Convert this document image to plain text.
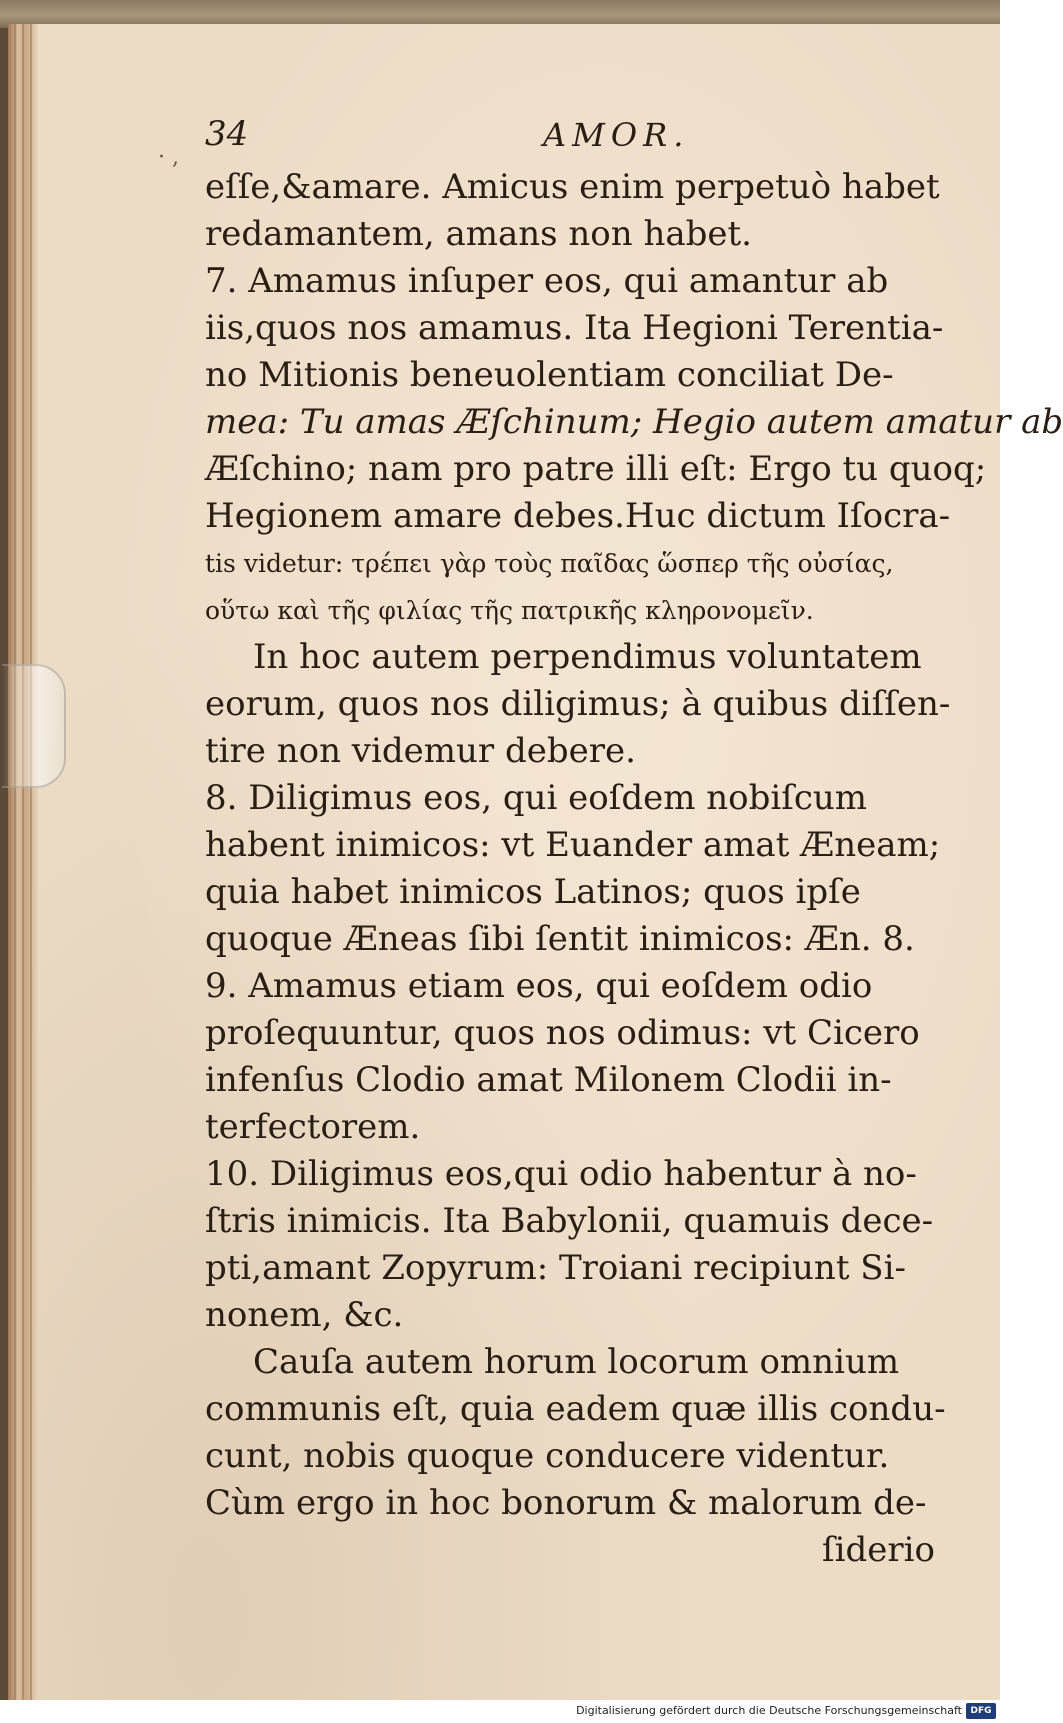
· ,
34	AMOR.
eſſe,&amare. Amicus enim perpetuò habet
redamantem, amans non habet.
7. Amamus inſuper eos, qui amantur ab
iis,quos nos amamus. Ita Hegioni Terentia-
no Mitionis beneuolentiam conciliat De-
mea: Tu amas Æſchinum; Hegio autem amatur ab
Æſchino; nam pro patre illi eſt: Ergo tu quoq;
Hegionem amare debes.Huc dictum Iſocra-
tis videtur: τρέπει γὰρ τοὺς παῖδας ὥσπερ τῆς οὐσίας,
οὕτω καὶ τῆς φιλίας τῆς πατρικῆς κληρονομεῖν.
In hoc autem perpendimus voluntatem
eorum, quos nos diligimus; à quibus diſſen-
tire non videmur debere.
8. Diligimus eos, qui eoſdem nobiſcum
habent inimicos: vt Euander amat Æneam;
quia habet inimicos Latinos; quos ipſe
quoque Æneas ſibi ſentit inimicos: Æn. 8.
9. Amamus etiam eos, qui eoſdem odio
proſequuntur, quos nos odimus: vt Cicero
infenſus Clodio amat Milonem Clodii in-
terfectorem.
10. Diligimus eos,qui odio habentur à no-
ſtris inimicis. Ita Babylonii, quamuis dece-
pti,amant Zopyrum: Troiani recipiunt Si-
nonem, &c.
Cauſa autem horum locorum omnium
communis eſt, quia eadem quæ illis condu-
cunt, nobis quoque conducere videntur.
Cùm ergo in hoc bonorum & malorum de-
ſiderio
Digitalisierung gefördert durch die Deutsche Forschungsgemeinschaft DFG
